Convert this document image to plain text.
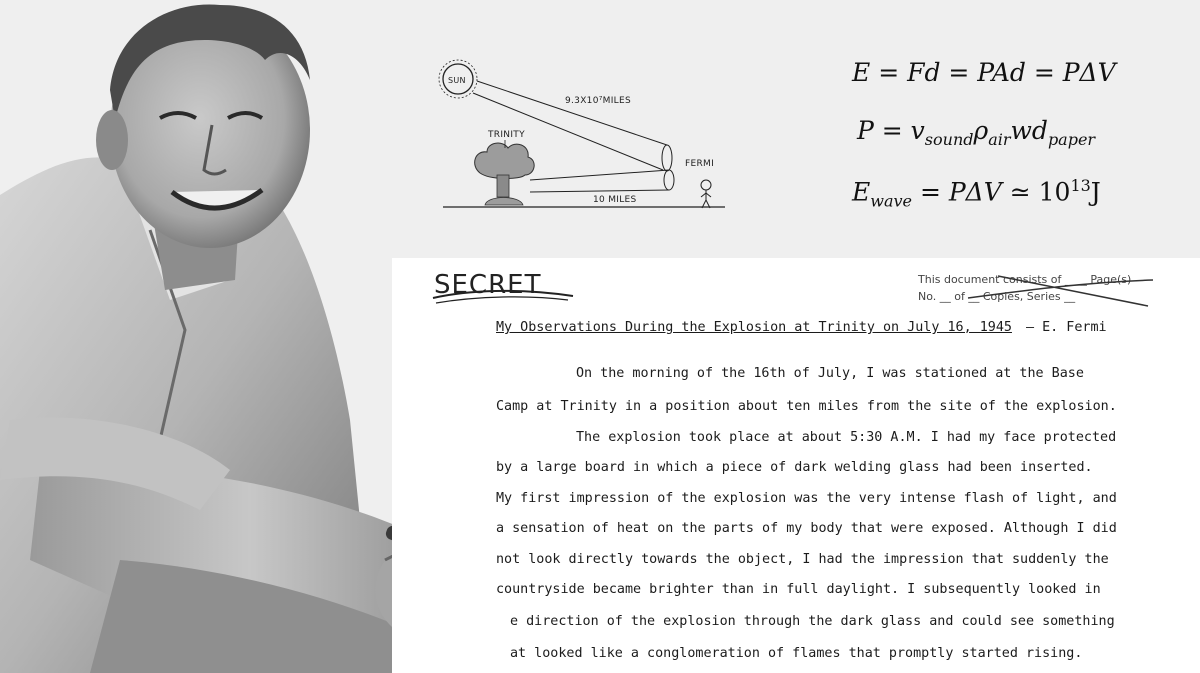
SUN
9.3X10⁷MILES
TRINITY
10 MILES
FERMI
E = Fd = PAd = PΔV
$P = v_{sound}\rho_{air}wd_{paper}$
$E_{wave} = P\Delta V$ ≃ $10^{13}J$
SECRET	This document consists of ____ Page(s)
No. __ of __ Copies, Series __
My Observations During the Explosion at Trinity on July 16, 1945 — E. Fermi
On the morning of the 16th of July, I was stationed at the Base
Camp at Trinity in a position about ten miles from the site of the explosion.
The explosion took place at about 5:30 A.M. I had my face protected
by a large board in which a piece of dark welding glass had been inserted.
My first impression of the explosion was the very intense flash of light, and
a sensation of heat on the parts of my body that were exposed. Although I did
not look directly towards the object, I had the impression that suddenly the
countryside became brighter than in full daylight. I subsequently looked in
e direction of the explosion through the dark glass and could see something
at looked like a conglomeration of flames that promptly started rising.
